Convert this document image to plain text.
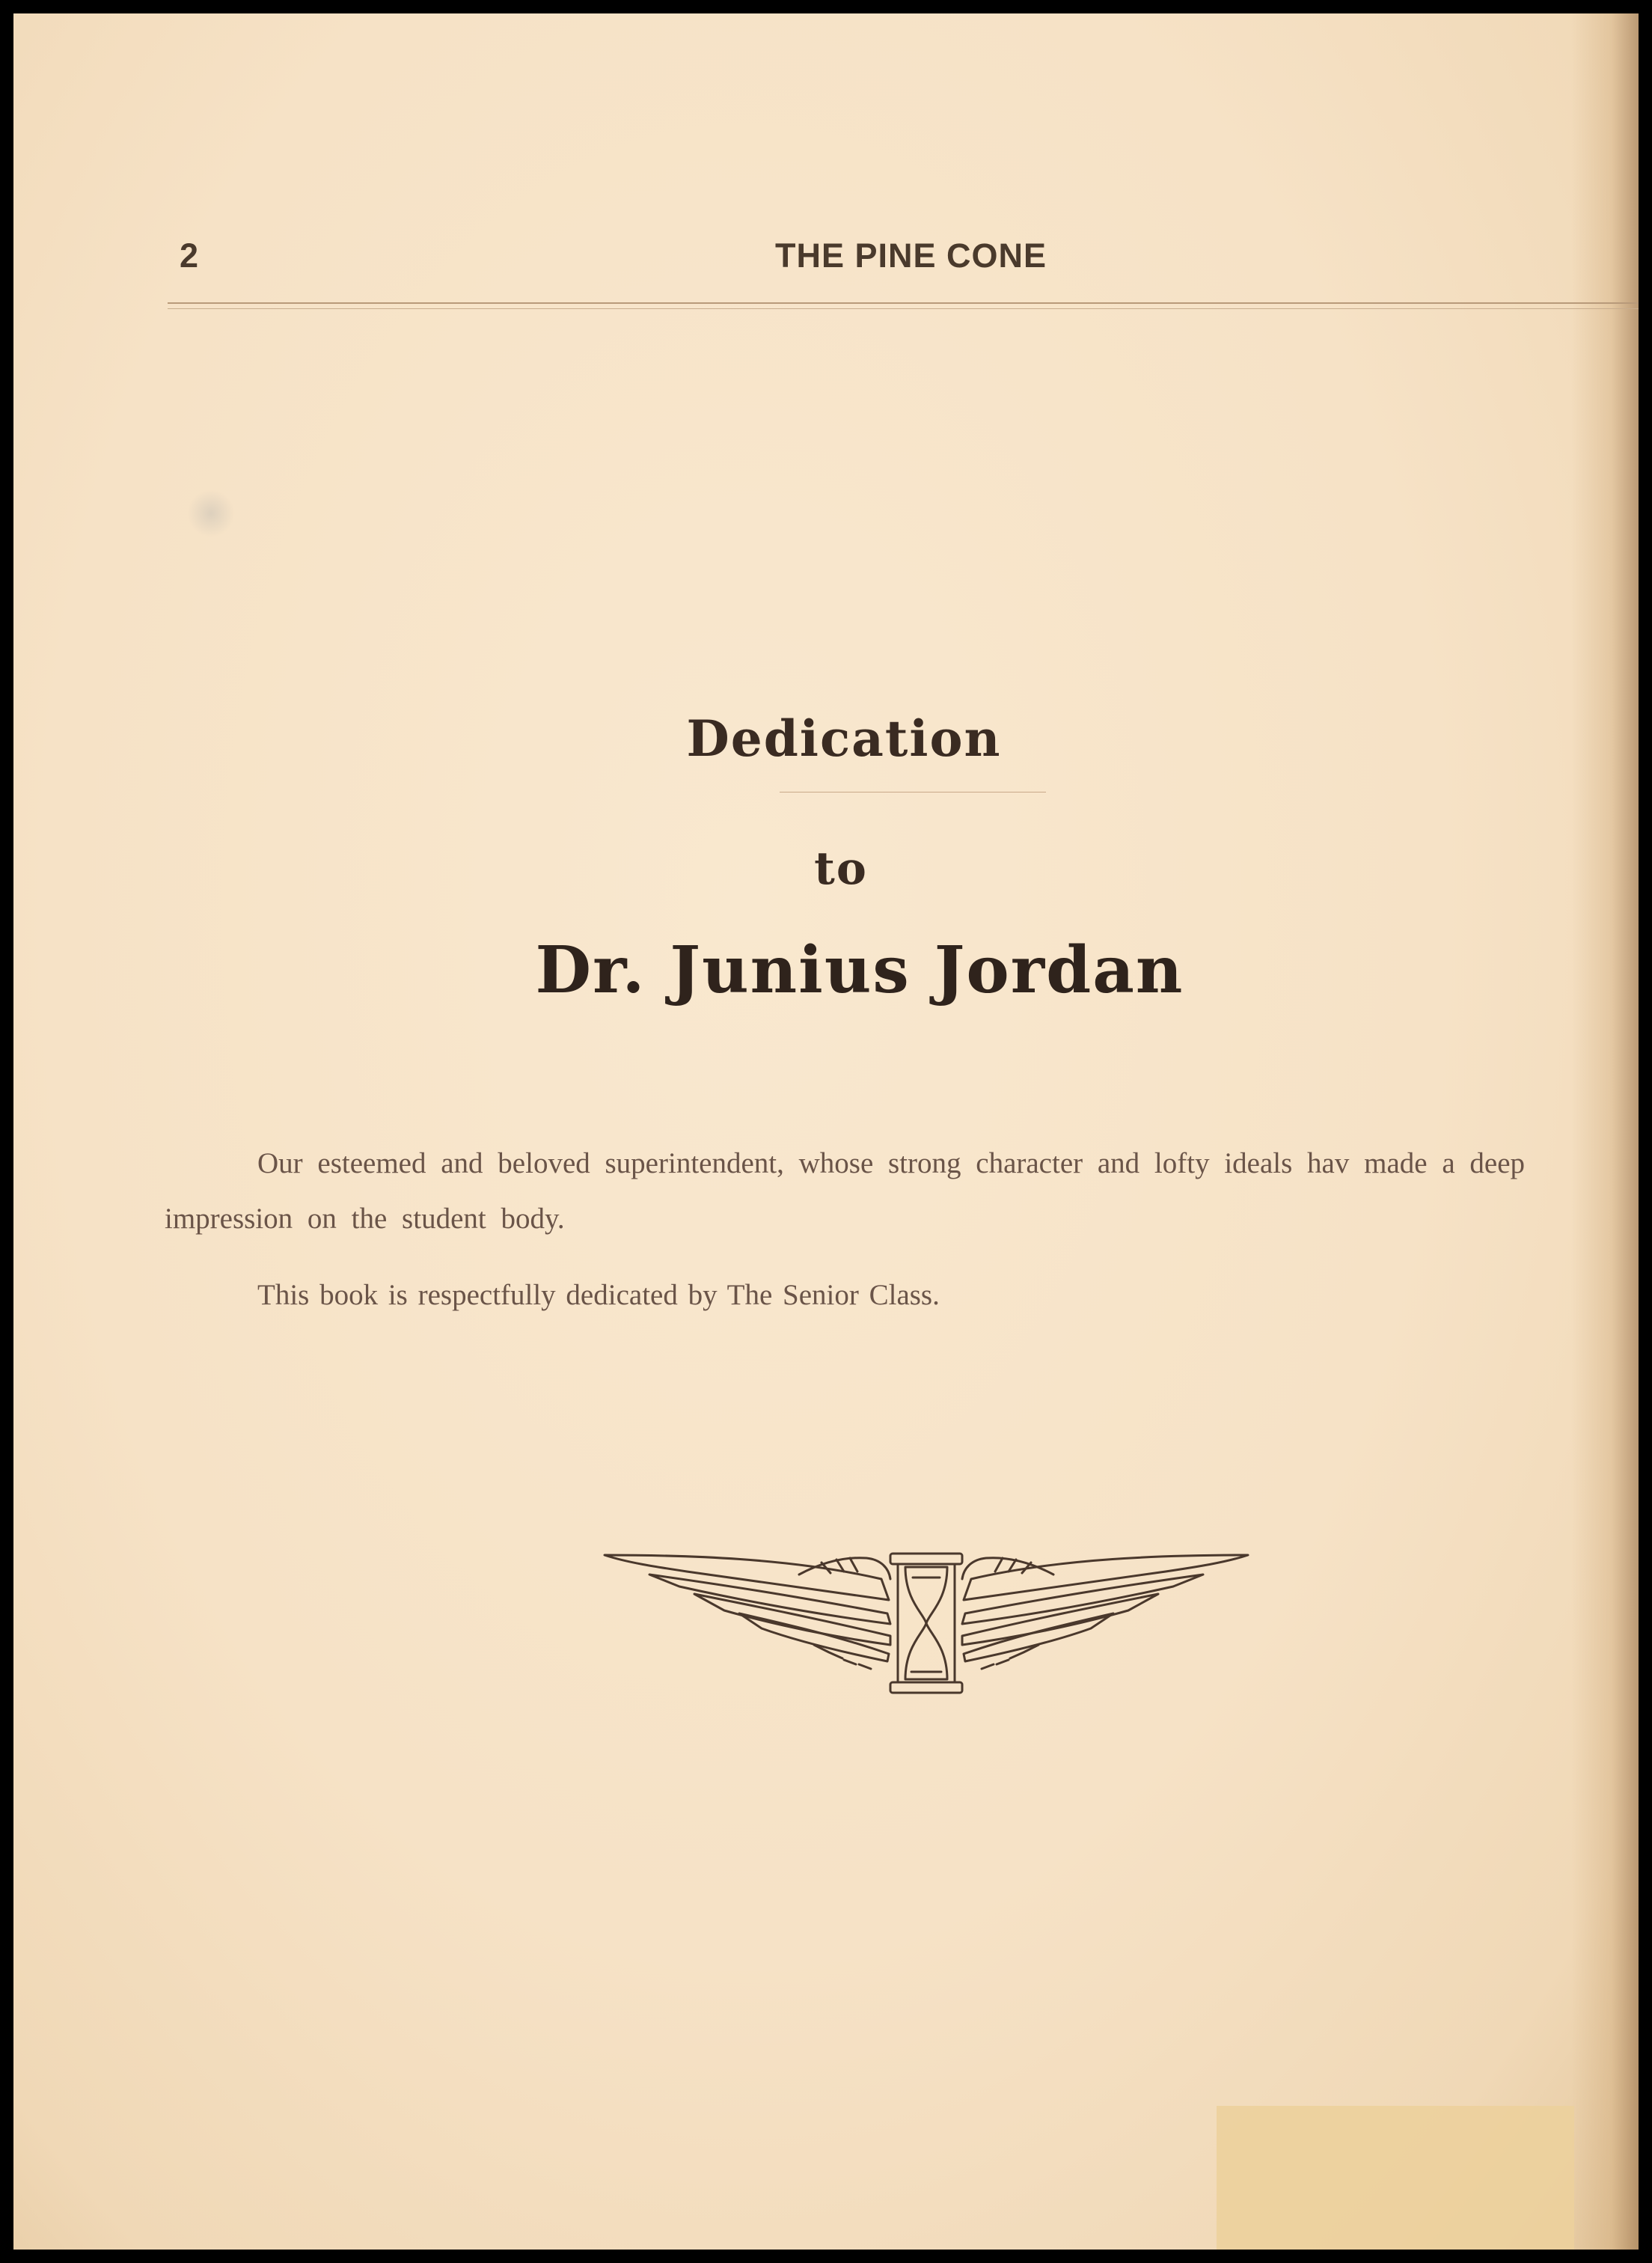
2	THE PINE CONE
Dedication
to
Dr. Junius Jordan
Our esteemed and beloved superintendent, whose strong character and lofty ideals hav made a deep impression on the student body.
This book is respectfully dedicated by The Senior Class.
